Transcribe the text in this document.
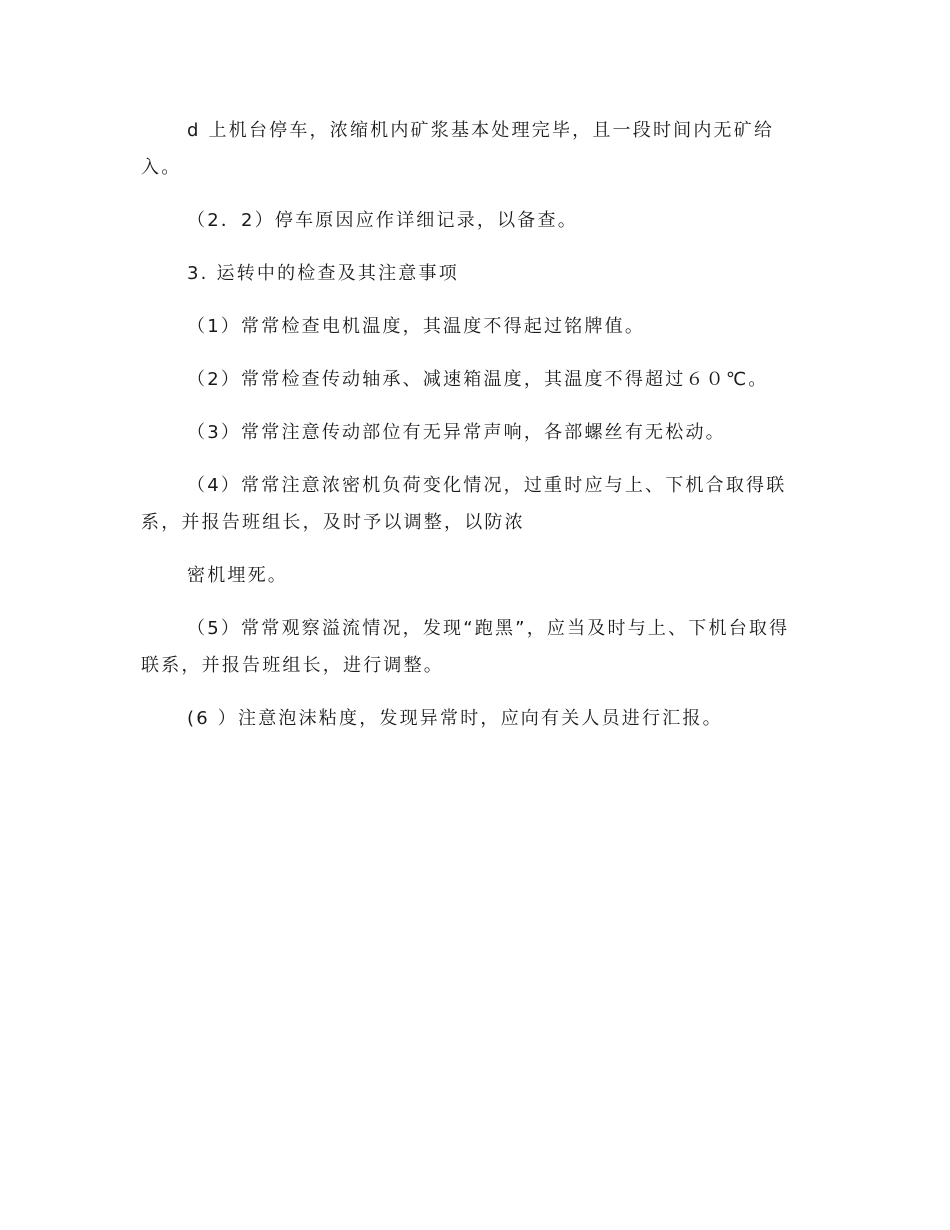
d 上机台停车，浓缩机内矿浆基本处理完毕，且一段时间内无矿给入。

（2．2）停车原因应作详细记录，以备查。

3. 运转中的检查及其注意事项

（1）常常检查电机温度，其温度不得起过铭牌值。

（2）常常检查传动轴承、减速箱温度，其温度不得超过６０℃。

（3）常常注意传动部位有无异常声响，各部螺丝有无松动。

（4）常常注意浓密机负荷变化情况，过重时应与上、下机合取得联系，并报告班组长，及时予以调整，以防浓

密机埋死。

（5）常常观察溢流情况，发现“跑黑”，应当及时与上、下机台取得联系，并报告班组长，进行调整。

(6 ）注意泡沫粘度，发现异常时，应向有关人员进行汇报。
